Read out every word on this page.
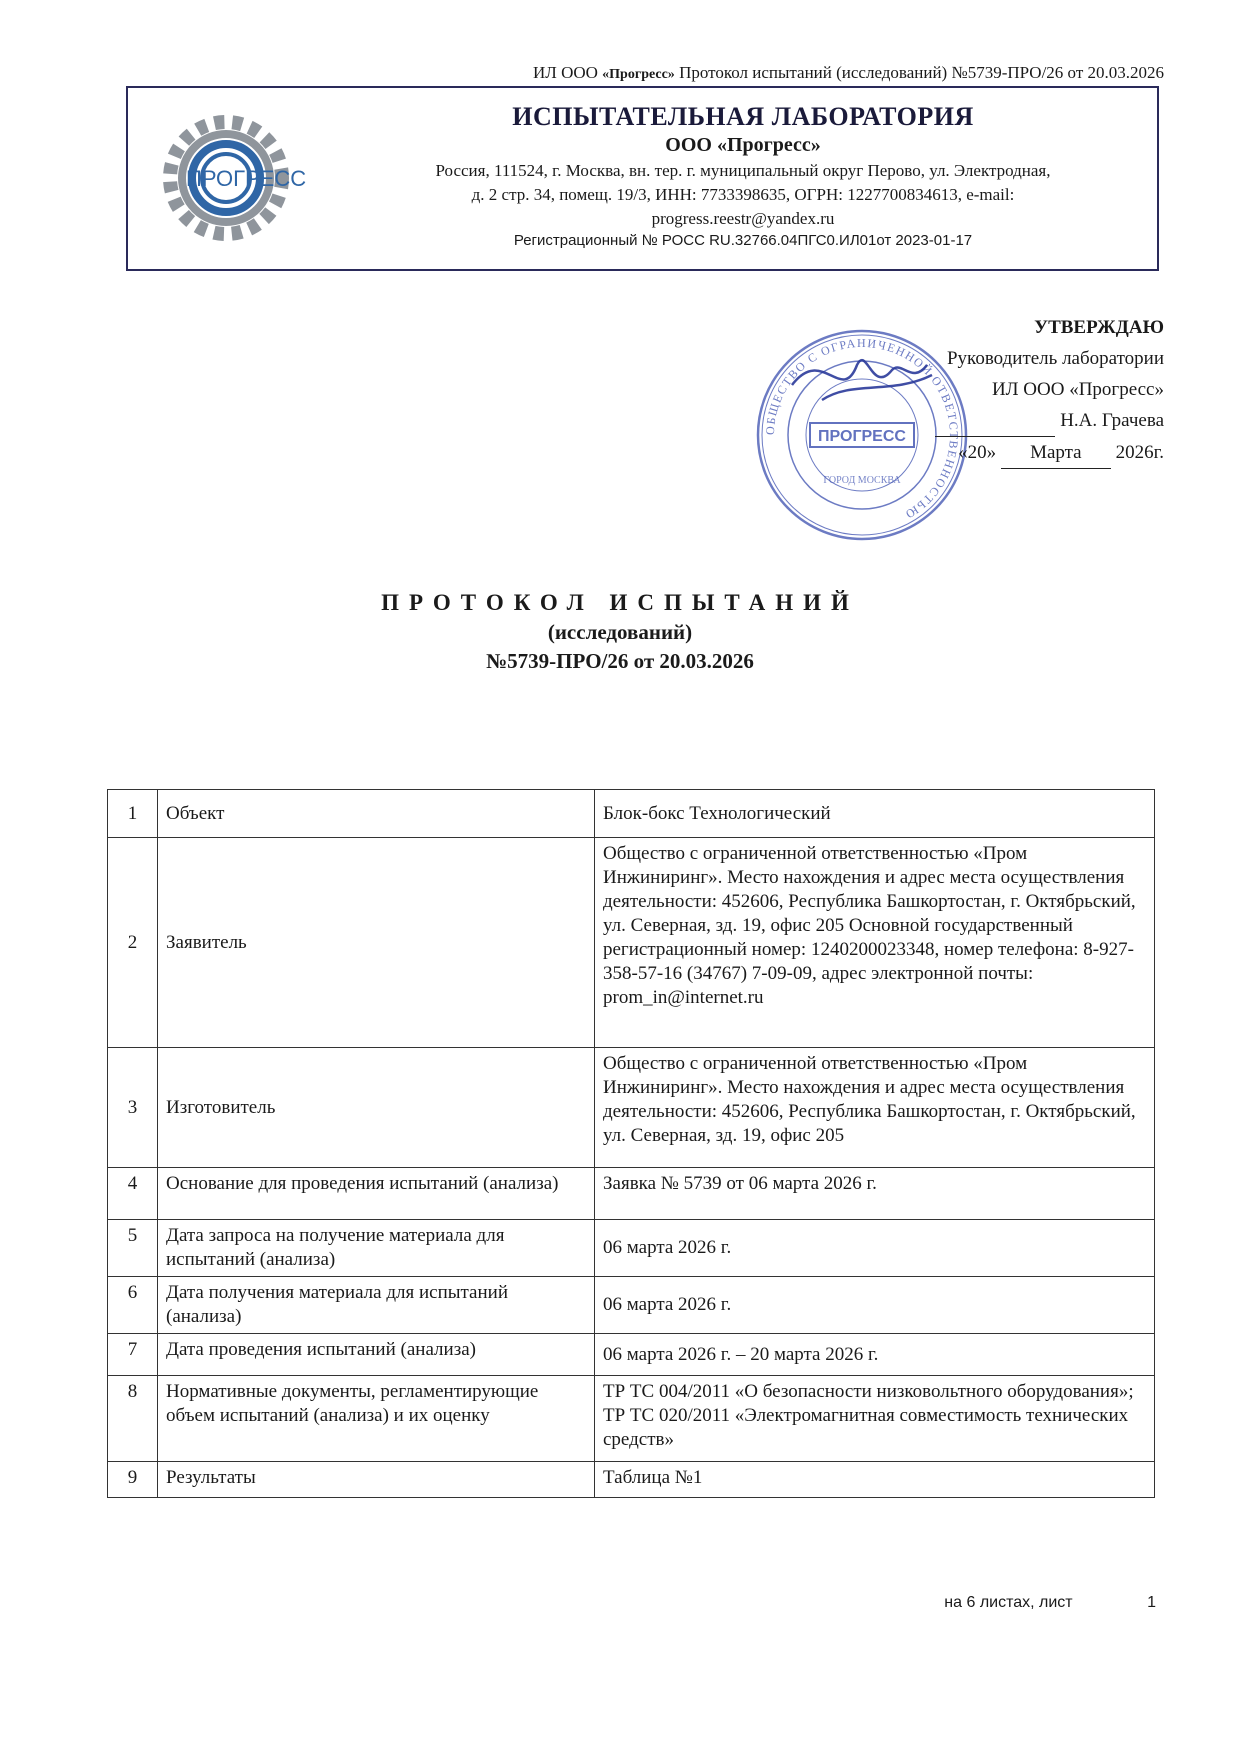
ИЛ ООО «Прогресс» Протокол испытаний (исследований) №5739-ПРО/26 от 20.03.2026
ПРОГРЕСС
ИСПЫТАТЕЛЬНАЯ ЛАБОРАТОРИЯ
ООО «Прогресс»
Россия, 111524, г. Москва, вн. тер. г. муниципальный округ Перово, ул. Электродная,
д. 2 стр. 34, помещ. 19/3, ИНН: 7733398635, ОГРН: 1227700834613, e-mail:
progress.reestr@yandex.ru
Регистрационный № РОСС RU.32766.04ПГС0.ИЛ01от 2023-01-17
ОБЩЕСТВО С ОГРАНИЧЕННОЙ ОТВЕТСТВЕННОСТЬЮ
ПРОГРЕСС
ГОРОД МОСКВА
УТВЕРЖДАЮ
Руководитель лаборатории
ИЛ ООО «Прогресс»
Н.А. Грачева
«20» Марта 2026г.
ПРОТОКОЛ ИСПЫТАНИЙ
(исследований)
№5739-ПРО/26 от 20.03.2026
1	Объект	Блок-бокс Технологический
2	Заявитель	Общество с ограниченной ответственностью «Пром Инжиниринг». Место нахождения и адрес места осуществления деятельности: 452606, Республика Башкортостан, г. Октябрьский, ул. Северная, зд. 19, офис 205 Основной государственный регистрационный номер: 1240200023348, номер телефона: 8-927-358-57-16 (34767) 7-09-09, адрес электронной почты: prom_in@internet.ru
3	Изготовитель	Общество с ограниченной ответственностью «Пром Инжиниринг». Место нахождения и адрес места осуществления деятельности: 452606, Республика Башкортостан, г. Октябрьский, ул. Северная, зд. 19, офис 205
4	Основание для проведения испытаний (анализа)	Заявка № 5739 от 06 марта 2026 г.
5	Дата запроса на получение материала для испытаний (анализа)	06 марта 2026 г.
6	Дата получения материала для испытаний (анализа)	06 марта 2026 г.
7	Дата проведения испытаний (анализа)	06 марта 2026 г. – 20 марта 2026 г.
8	Нормативные документы, регламентирующие объем испытаний (анализа) и их оценку	ТР ТС 004/2011 «О безопасности низковольтного оборудования»; ТР ТС 020/2011 «Электромагнитная совместимость технических средств»
9	Результаты	Таблица №1
на 6 листах, лист	1
